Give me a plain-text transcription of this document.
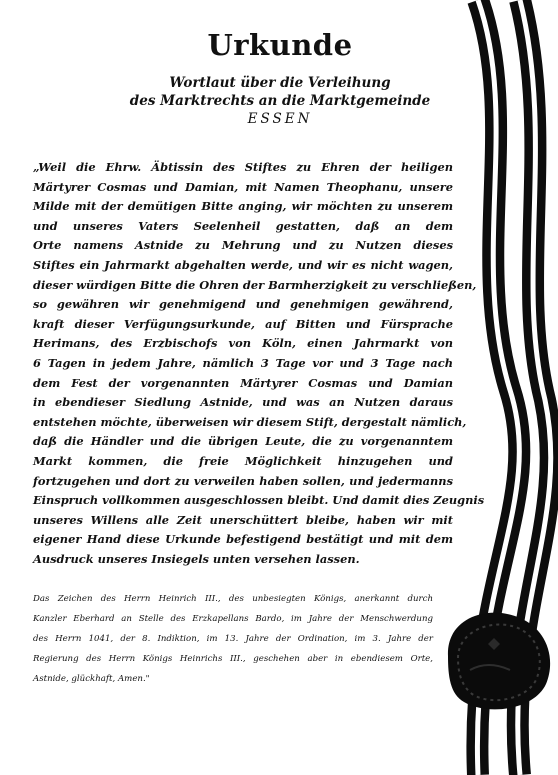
Urkunde
Wortlaut über die Verleihung
des Marktrechts an die Marktgemeinde
ESSEN
„Weil die Ehrw. Äbtissin des Stiftes zu Ehren der heiligen
Märtyrer Cosmas und Damian, mit Namen Theophanu, unsere
Milde mit der demütigen Bitte anging, wir möchten zu unserem
und unseres Vaters Seelenheil gestatten, daß an dem
Orte namens Astnide zu Mehrung und zu Nutzen dieses
Stiftes ein Jahrmarkt abgehalten werde, und wir es nicht wagen,
dieser würdigen Bitte die Ohren der Barmherzigkeit zu verschließen,
so gewähren wir genehmigend und genehmigen gewährend,
kraft dieser Verfügungsurkunde, auf Bitten und Fürsprache
Herimans, des Erzbischofs von Köln, einen Jahrmarkt von
6 Tagen in jedem Jahre, nämlich 3 Tage vor und 3 Tage nach
dem Fest der vorgenannten Märtyrer Cosmas und Damian
in ebendieser Siedlung Astnide, und was an Nutzen daraus
entstehen möchte, überweisen wir diesem Stift, dergestalt nämlich,
daß die Händler und die übrigen Leute, die zu vorgenanntem
Markt kommen, die freie Möglichkeit hinzugehen und
fortzugehen und dort zu verweilen haben sollen, und jedermanns
Einspruch vollkommen ausgeschlossen bleibt. Und damit dies Zeugnis
unseres Willens alle Zeit unerschüttert bleibe, haben wir mit
eigener Hand diese Urkunde befestigend bestätigt und mit dem
Ausdruck unseres Insiegels unten versehen lassen.
Das Zeichen des Herrn Heinrich III., des unbesiegten Königs, anerkannt durch
Kanzler Eberhard an Stelle des Erzkapellans Bardo, im Jahre der Menschwerdung
des Herrn 1041, der 8. Indiktion, im 13. Jahre der Ordination, im 3. Jahre der
Regierung des Herrn Königs Heinrichs III., geschehen aber in ebendiesem Orte,
Astnide, glückhaft, Amen."
